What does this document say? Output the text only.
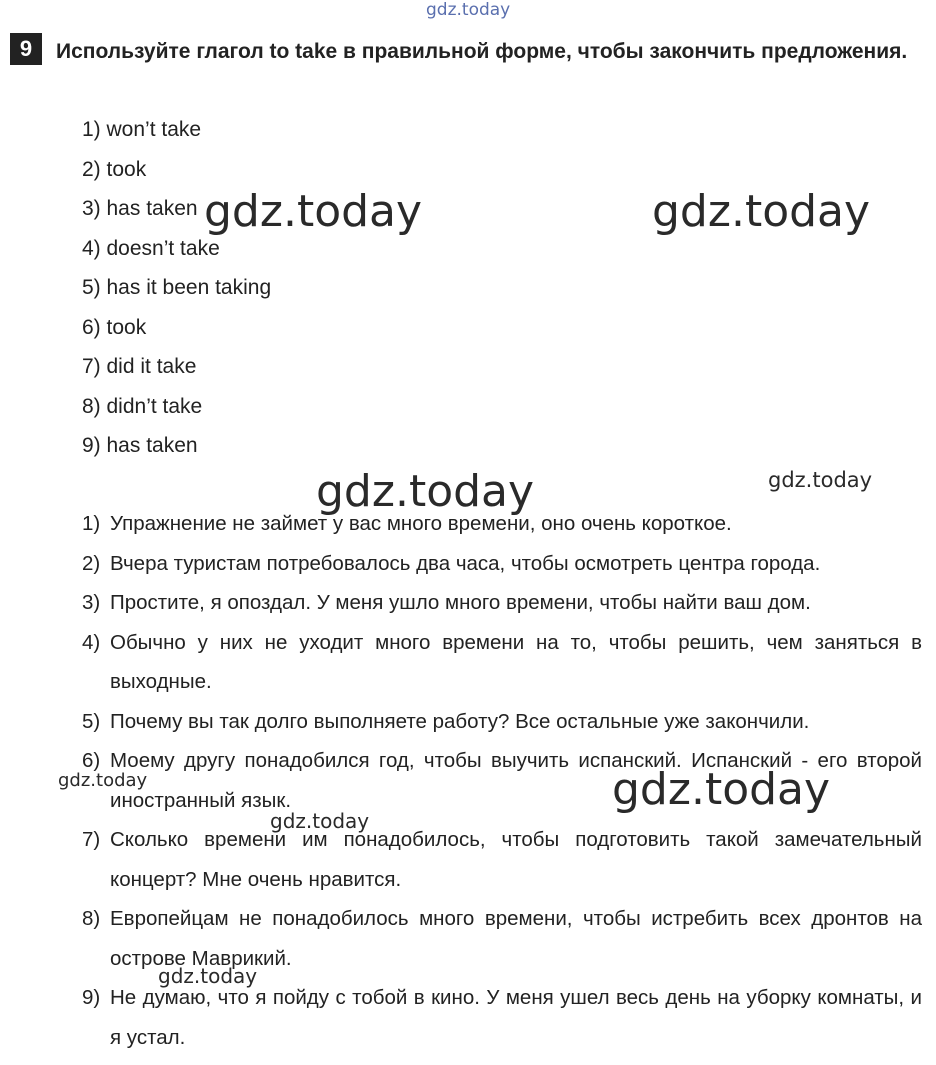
gdz.today
9	Используйте глагол to take в правильной форме, чтобы закончить предложения.
1) won’t take
2) took
3) has taken
4) doesn’t take
5) has it been taking
6) took
7) did it take
8) didn’t take
9) has taken
1) Упражнение не займет у вас много времени, оно очень короткое.
2) Вчера туристам потребовалось два часа, чтобы осмотреть центра города.
3) Простите, я опоздал. У меня ушло много времени, чтобы найти ваш дом.
4) Обычно у них не уходит много времени на то, чтобы решить, чем заняться в выходные.
5) Почему вы так долго выполняете работу? Все остальные уже закончили.
6) Моему другу понадобился год, чтобы выучить испанский. Испанский - его второй иностранный язык.
7) Сколько времени им понадобилось, чтобы подготовить такой замечательный концерт? Мне очень нравится.
8) Европейцам не понадобилось много времени, чтобы истребить всех дронтов на острове Маврикий.
9) Не думаю, что я пойду с тобой в кино. У меня ушел весь день на уборку комнаты, и я устал.
gdz.today	gdz.today
gdz.today	gdz.today
gdz.today	gdz.today
gdz.today
gdz.today
